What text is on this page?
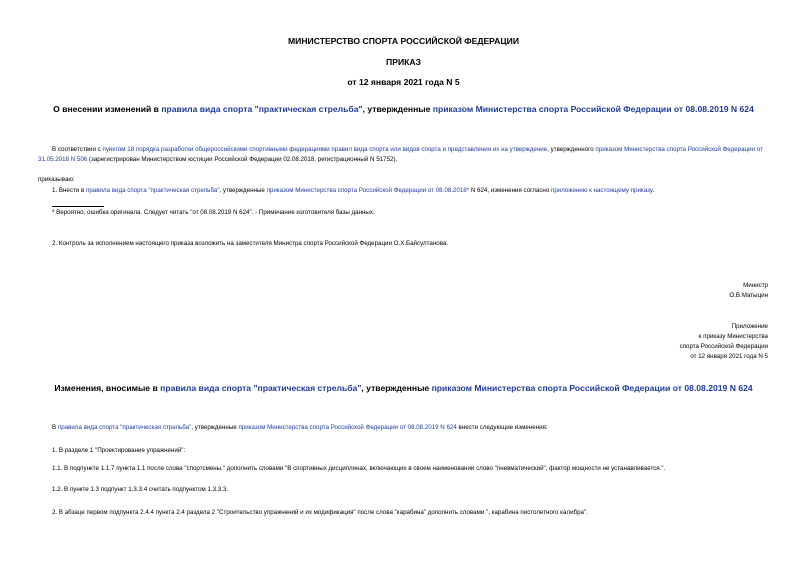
МИНИСТЕРСТВО СПОРТА РОССИЙСКОЙ ФЕДЕРАЦИИ
ПРИКАЗ
от 12 января 2021 года N 5
О внесении изменений в правила вида спорта "практическая стрельба", утвержденные приказом Министерства спорта Российской Федерации от 08.08.2019 N 624
В соответствии с пунктом 18 порядка разработки общероссийскими спортивными федерациями правил вида спорта или видов спорта и представления их на утверждение, утвержденного приказом Министерства спорта Российской Федерации от 31.05.2018 N 506 (зарегистрирован Министерством юстиции Российской Федерации 02.08.2018, регистрационный N 51752),
приказываю:
1. Внести в правила вида спорта "практическая стрельба", утвержденные приказом Министерства спорта Российской Федерации от 08.08.2018* N 624, изменения согласно приложению к настоящему приказу.
* Вероятно, ошибка оригинала. Следует читать "от 08.08.2019 N 624". - Примечание изготовителя базы данных.
2. Контроль за исполнением настоящего приказа возложить на заместителя Министра спорта Российской Федерации О.Х.Байсултанова.
Министр
О.В.Матыцин
Приложение
к приказу Министерства
спорта Российской Федерации
от 12 января 2021 года N 5
Изменения, вносимые в правила вида спорта "практическая стрельба", утвержденные приказом Министерства спорта Российской Федерации от 08.08.2019 N 624
В правила вида спорта "практическая стрельба", утвержденные приказом Министерства спорта Российской Федерации от 08.08.2019 N 624 внести следующие изменения:
1. В разделе 1 "Проектирование упражнений":
1.1. В подпункте 1.1.7 пункта 1.1 после слова "спортсмены." дополнить словами "В спортивных дисциплинах, включающих в своем наименовании слово "пневматический", фактор мощности не устанавливается.".
1.2. В пункте 1.3 подпункт 1.3.3.4 считать подпунктом 1.3.3.3.
2. В абзаце первом подпункта 2.4.4 пункта 2.4 раздела 2 "Строительство упражнений и их модификация" после слова "карабина" дополнить словами ", карабина пистолетного калибра".
